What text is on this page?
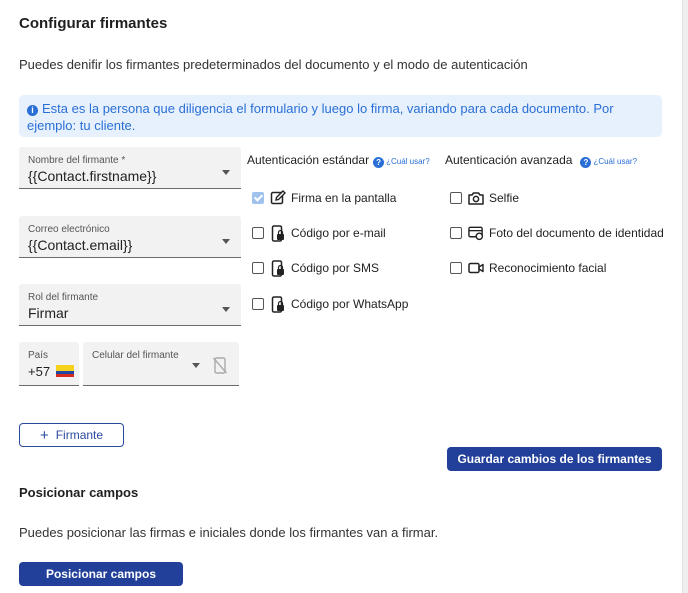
Configurar firmantes
Puedes denifir los firmantes predeterminados del documento y el modo de autenticación
i Esta es la persona que diligencia el formulario y luego lo firma, variando para cada documento. Por ejemplo: tu cliente.
Nombre del firmante *
{{Contact.firstname}}
Correo electrónico
{{Contact.email}}
Rol del firmante
Firmar
País
+57
Celular del firmante
Autenticación estándar ? ¿Cuál usar? Autenticación avanzada ? ¿Cuál usar?
Firma en la pantalla
Código por e-mail
Código por SMS
Código por WhatsApp
Selfie
Foto del documento de identidad
Reconocimiento facial
+ Firmante
Guardar cambios de los firmantes
Posicionar campos
Puedes posicionar las firmas e iniciales donde los firmantes van a firmar.
Posicionar campos
